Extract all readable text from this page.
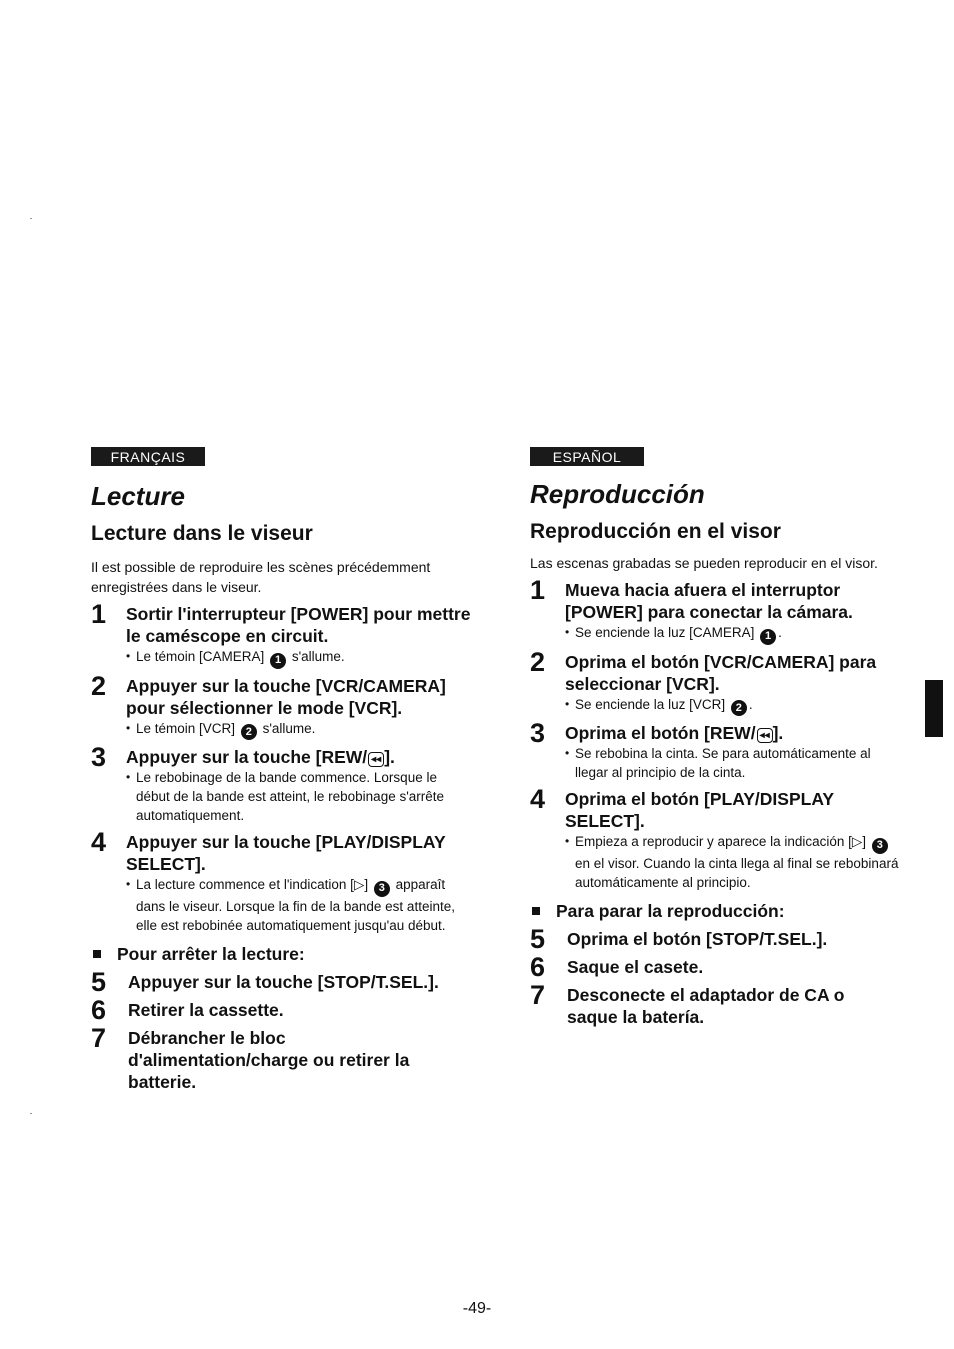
FRANÇAIS
Lecture
Lecture dans le viseur
Il est possible de reproduire les scènes précédemment enregistrées dans le viseur.
1	Sortir l'interrupteur [POWER] pour mettre le caméscope en circuit.
• Le témoin [CAMERA] 1 s'allume.
2	Appuyer sur la touche [VCR/CAMERA] pour sélectionner le mode [VCR].
• Le témoin [VCR] 2 s'allume.
3	Appuyer sur la touche [REW/ ◂◂ ].
• Le rebobinage de la bande commence. Lorsque le début de la bande est atteint, le rebobinage s'arrête automatiquement.
4	Appuyer sur la touche [PLAY/DISPLAY SELECT].
• La lecture commence et l'indication [▷] 3 apparaît dans le viseur. Lorsque la fin de la bande est atteinte, elle est rebobinée automatiquement jusqu'au début.
Pour arrêter la lecture:
5	Appuyer sur la touche [STOP/T.SEL.].
6	Retirer la cassette.
7	Débrancher le bloc d'alimentation/charge ou retirer la batterie.
ESPAÑOL
Reproducción
Reproducción en el visor
Las escenas grabadas se pueden reproducir en el visor.
1	Mueva hacia afuera el interruptor [POWER] para conectar la cámara.
• Se enciende la luz [CAMERA] 1 .
2	Oprima el botón [VCR/CAMERA] para seleccionar [VCR].
• Se enciende la luz [VCR] 2 .
3	Oprima el botón [REW/ ◂◂ ].
• Se rebobina la cinta. Se para automáticamente al llegar al principio de la cinta.
4	Oprima el botón [PLAY/DISPLAY SELECT].
• Empieza a reproducir y aparece la indicación [▷] 3 en el visor. Cuando la cinta llega al final se rebobinará automáticamente al principio.
Para parar la reproducción:
5	Oprima el botón [STOP/T.SEL.].
6	Saque el casete.
7	Desconecte el adaptador de CA o saque la batería.
-49-
